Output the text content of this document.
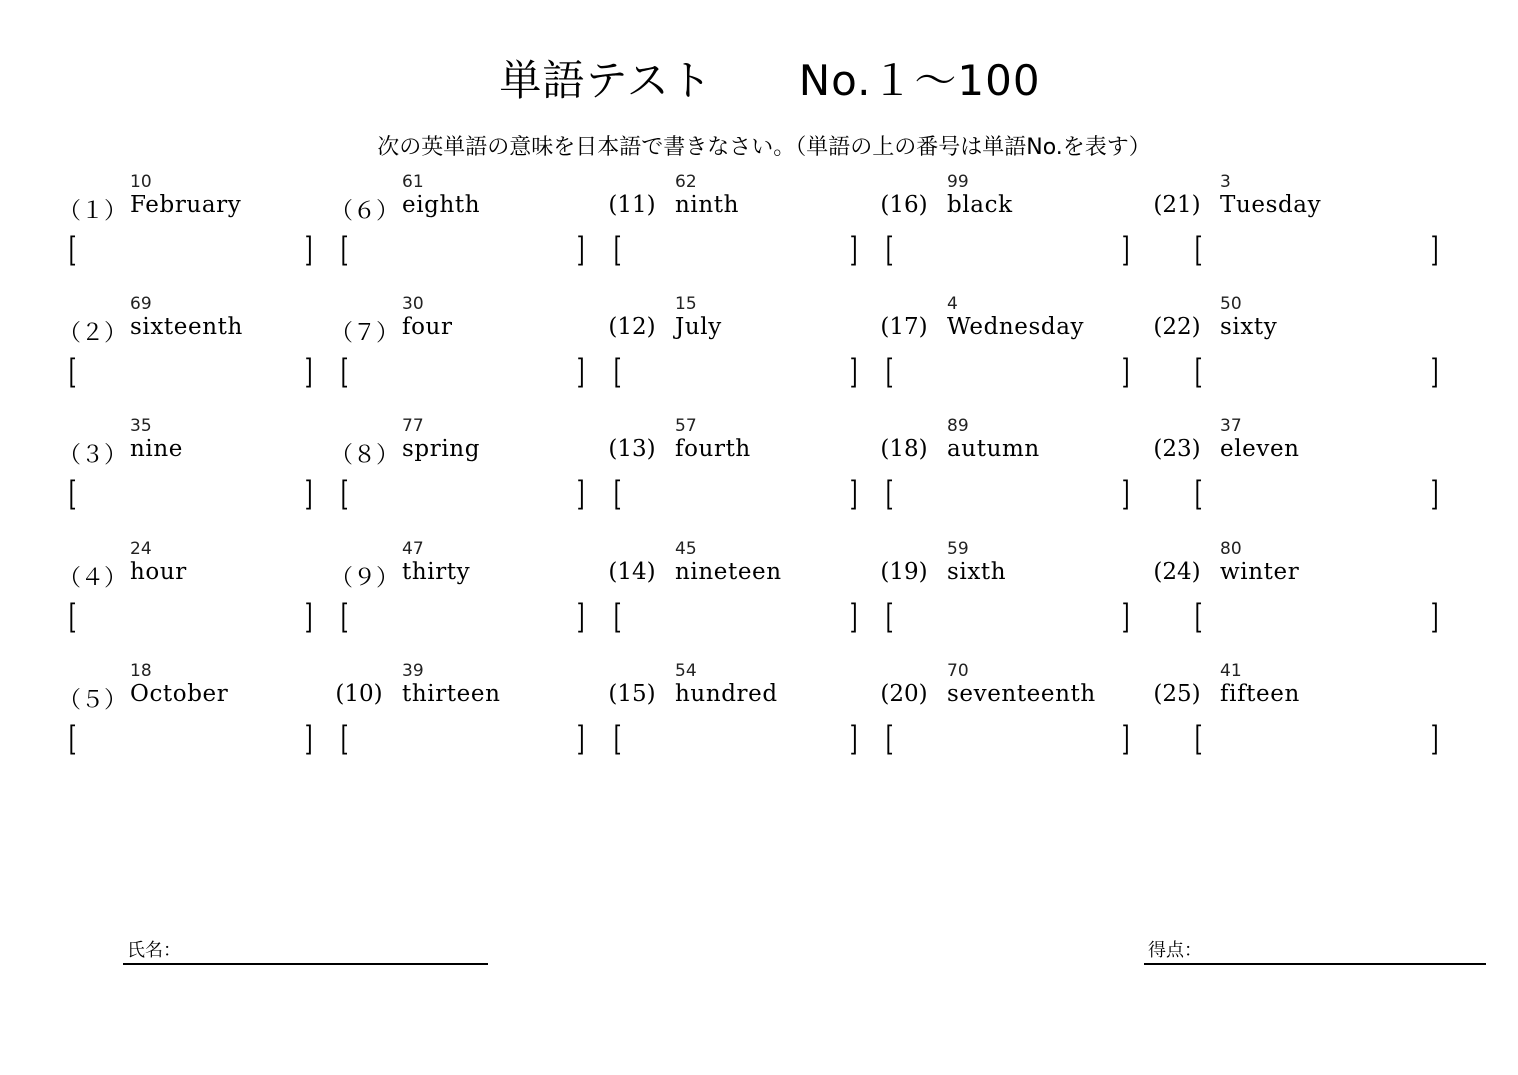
単語テスト No.１～100
次の英単語の意味を日本語で書きなさい。（単語の上の番号は単語No.を表す）
10
（１） February
[	]
69
（２） sixteenth
[	]
35
（３） nine
[	]
24
（４） hour
[	]
18
（５） October
[	]
61
（６） eighth
[	]
30
（７） four
[	]
77
（８） spring
[	]
47
（９） thirty
[	]
39
(10) thirteen
[	]
62
(11) ninth
[	]
15
(12) July
[	]
57
(13) fourth
[	]
45
(14) nineteen
[	]
54
(15) hundred
[	]
99
(16) black
[	]
4
(17) Wednesday
[	]
89
(18) autumn
[	]
59
(19) sixth
[	]
70
(20) seventeenth
[	]
3
(21) Tuesday
[	]
50
(22) sixty
[	]
37
(23) eleven
[	]
80
(24) winter
[	]
41
(25) fifteen
[	]
氏名：	得点：
